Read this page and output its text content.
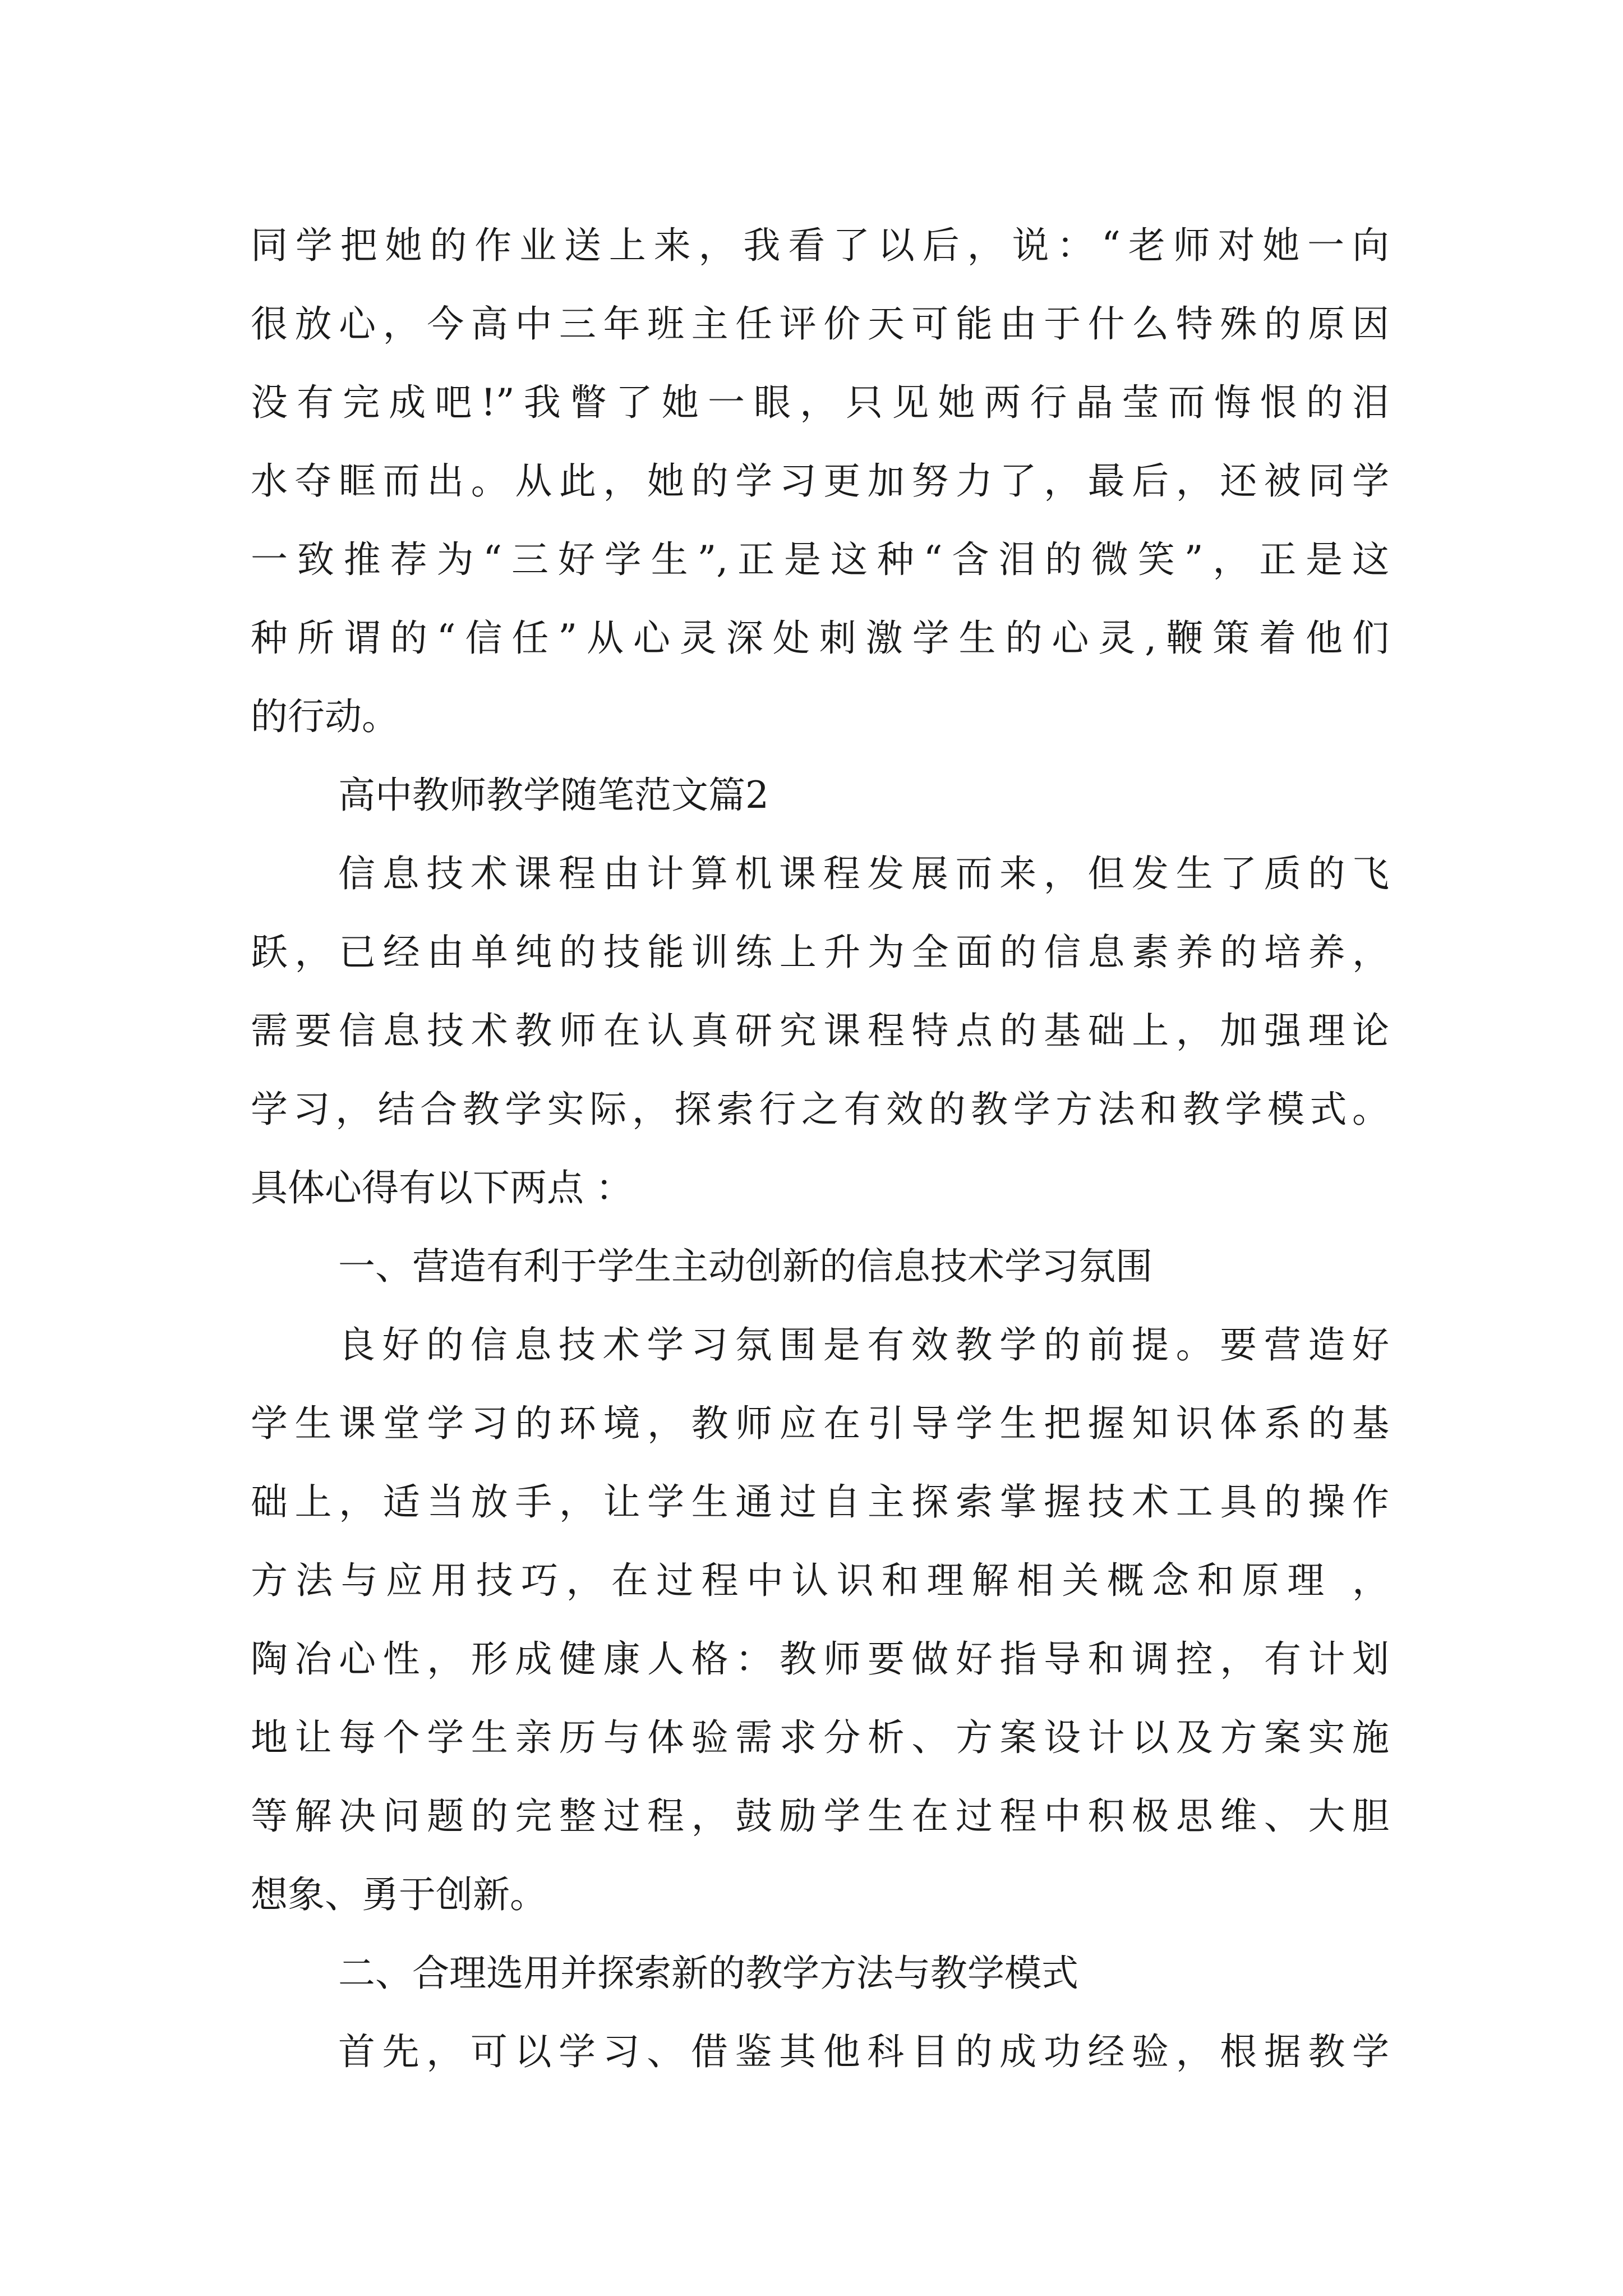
同学把她的作业送上来，我看了以后，说：“老师对她一向

很放心，今高中三年班主任评价天可能由于什么特殊的原因

没有完成吧!”我瞥了她一眼，只见她两行晶莹而悔恨的泪

水夺眶而出。从此，她的学习更加努力了，最后，还被同学

一致推荐为“三好学生”,正是这种“含泪的微笑”，正是这

种所谓的“信任”从心灵深处刺激学生的心灵,鞭策着他们

的行动。

高中教师教学随笔范文篇2

信息技术课程由计算机课程发展而来，但发生了质的飞

跃，已经由单纯的技能训练上升为全面的信息素养的培养，

需要信息技术教师在认真研究课程特点的基础上，加强理论

学习，结合教学实际，探索行之有效的教学方法和教学模式。

具体心得有以下两点 ：

一、营造有利于学生主动创新的信息技术学习氛围

良好的信息技术学习氛围是有效教学的前提。要营造好

学生课堂学习的环境，教师应在引导学生把握知识体系的基

础上，适当放手，让学生通过自主探索掌握技术工具的操作

方法与应用技巧，在过程中认识和理解相关概念和原理 ，

陶冶心性，形成健康人格：教师要做好指导和调控，有计划

地让每个学生亲历与体验需求分析、方案设计以及方案实施

等解决问题的完整过程，鼓励学生在过程中积极思维、大胆

想象、勇于创新。

二、合理选用并探索新的教学方法与教学模式

首先，可以学习、借鉴其他科目的成功经验，根据教学
